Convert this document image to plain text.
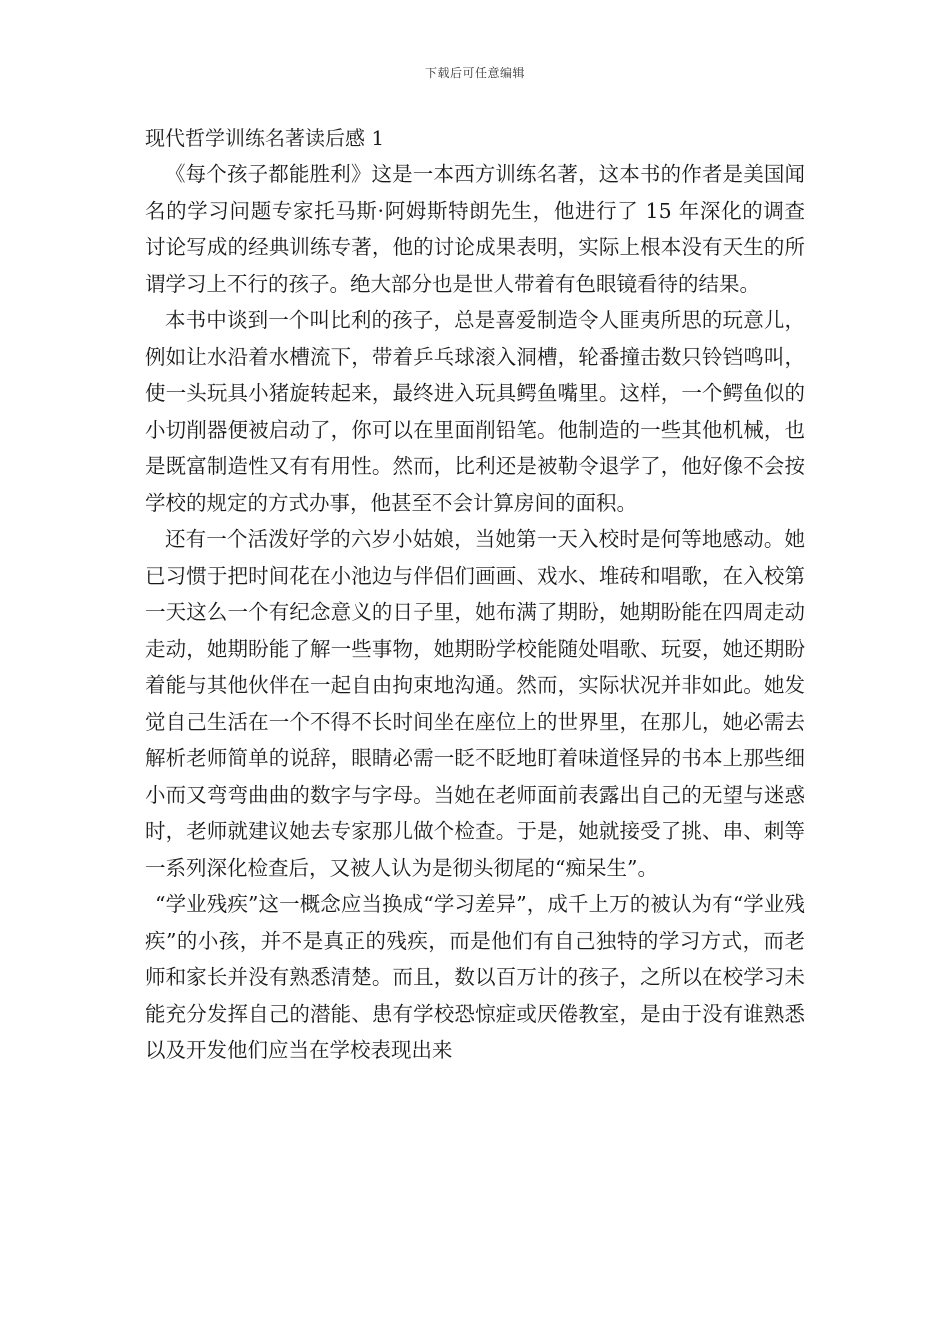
下载后可任意编辑
现代哲学训练名著读后感 1

《每个孩子都能胜利》这是一本西方训练名著，这本书的作者是美国闻名的学习问题专家托马斯·阿姆斯特朗先生，他进行了 15 年深化的调查讨论写成的经典训练专著，他的讨论成果表明，实际上根本没有天生的所谓学习上不行的孩子。绝大部分也是世人带着有色眼镜看待的结果。

本书中谈到一个叫比利的孩子，总是喜爱制造令人匪夷所思的玩意儿，例如让水沿着水槽流下，带着乒乓球滚入洞槽，轮番撞击数只铃铛鸣叫，使一头玩具小猪旋转起来，最终进入玩具鳄鱼嘴里。这样，一个鳄鱼似的小切削器便被启动了，你可以在里面削铅笔。他制造的一些其他机械，也是既富制造性又有有用性。然而，比利还是被勒令退学了，他好像不会按学校的规定的方式办事，他甚至不会计算房间的面积。

还有一个活泼好学的六岁小姑娘，当她第一天入校时是何等地感动。她已习惯于把时间花在小池边与伴侣们画画、戏水、堆砖和唱歌，在入校第一天这么一个有纪念意义的日子里，她布满了期盼，她期盼能在四周走动走动，她期盼能了解一些事物，她期盼学校能随处唱歌、玩耍，她还期盼着能与其他伙伴在一起自由拘束地沟通。然而，实际状况并非如此。她发觉自己生活在一个不得不长时间坐在座位上的世界里，在那儿，她必需去解析老师简单的说辞，眼睛必需一眨不眨地盯着味道怪异的书本上那些细小而又弯弯曲曲的数字与字母。当她在老师面前表露出自己的无望与迷惑时，老师就建议她去专家那儿做个检查。于是，她就接受了挑、串、刺等一系列深化检查后，又被人认为是彻头彻尾的“痴呆生”。

“学业残疾”这一概念应当换成“学习差异”，成千上万的被认为有“学业残疾”的小孩，并不是真正的残疾，而是他们有自己独特的学习方式，而老师和家长并没有熟悉清楚。而且，数以百万计的孩子，之所以在校学习未能充分发挥自己的潜能、患有学校恐惊症或厌倦教室，是由于没有谁熟悉以及开发他们应当在学校表现出来
